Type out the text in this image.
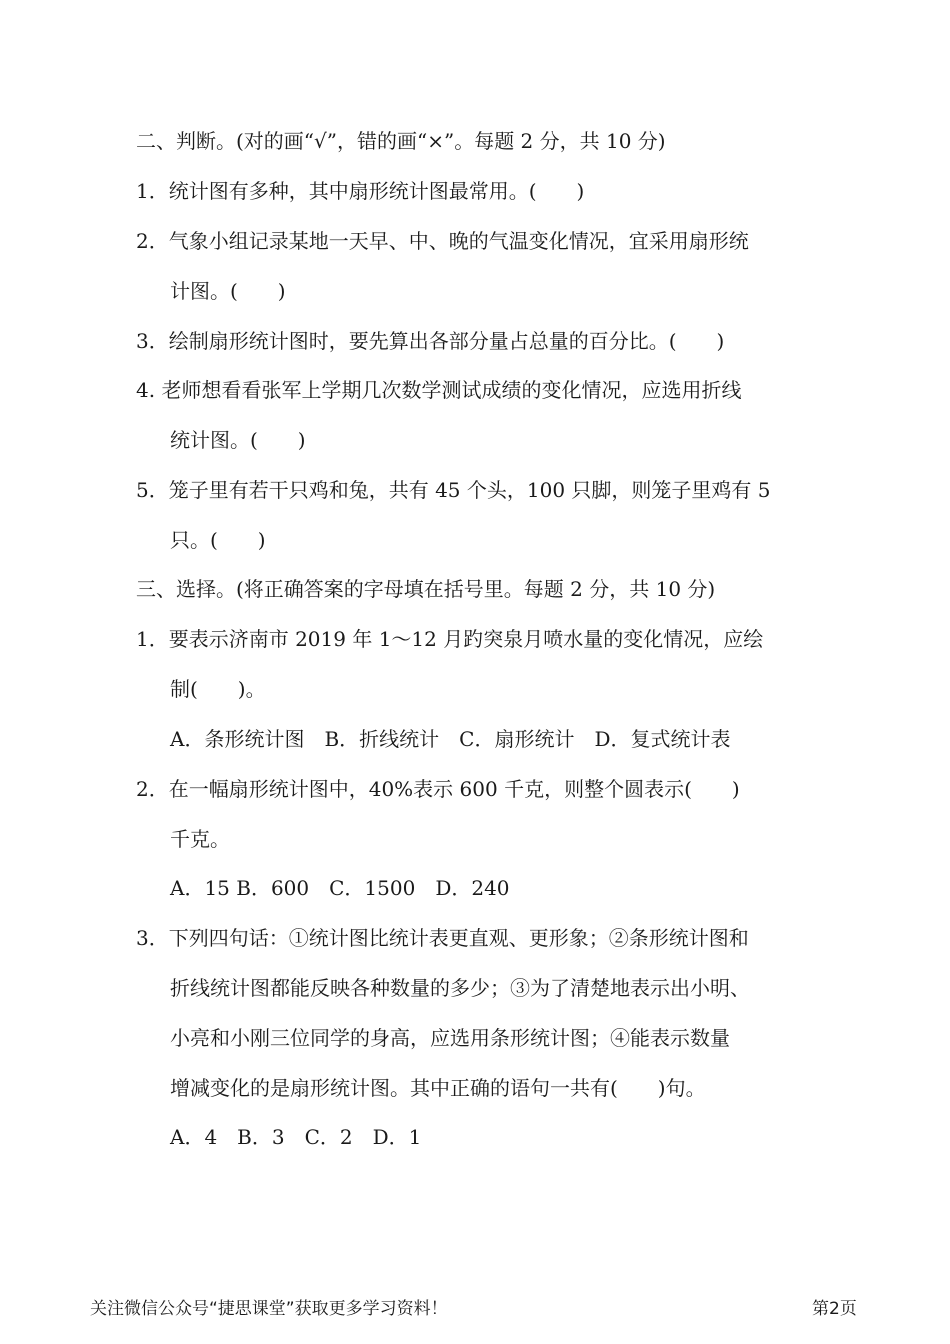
二、判断。(对的画“√”，错的画“×”。每题 2 分，共 10 分)
1．统计图有多种，其中扇形统计图最常用。(　　)
2．气象小组记录某地一天早、中、晚的气温变化情况，宜采用扇形统
计图。(　　)
3．绘制扇形统计图时，要先算出各部分量占总量的百分比。(　　)
4. 老师想看看张军上学期几次数学测试成绩的变化情况，应选用折线
统计图。(　　)
5．笼子里有若干只鸡和兔，共有 45 个头，100 只脚，则笼子里鸡有 5
只。(　　)
三、选择。(将正确答案的字母填在括号里。每题 2 分，共 10 分)
1．要表示济南市 2019 年 1～12 月趵突泉月喷水量的变化情况，应绘
制(　　)。
A．条形统计图　B．折线统计　C．扇形统计　D．复式统计表
2．在一幅扇形统计图中，40%表示 600 千克，则整个圆表示(　　)
千克。
A．15 B．600　C．1500　D．240
3．下列四句话：①统计图比统计表更直观、更形象；②条形统计图和
折线统计图都能反映各种数量的多少；③为了清楚地表示出小明、
小亮和小刚三位同学的身高，应选用条形统计图；④能表示数量
增减变化的是扇形统计图。其中正确的语句一共有(　　)句。
A．4　B．3　C．2　D．1
关注微信公众号“捷思课堂”获取更多学习资料！	第2页
